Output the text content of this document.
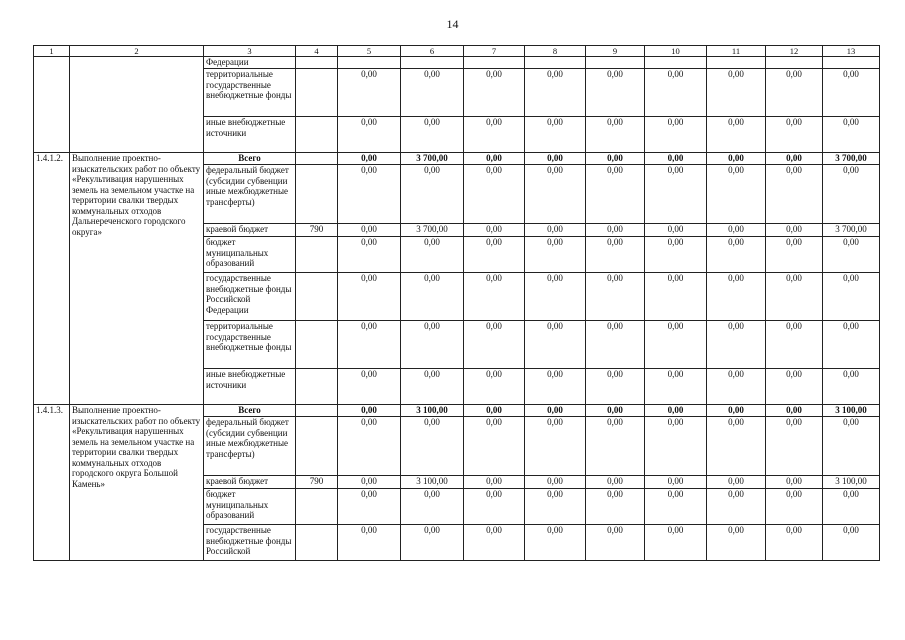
14
1	2	3	4	5	6	7	8	9	10	11	12	13
		Федерации										
		территориальные государственные внебюджетные фонды		0,00	0,00	0,00	0,00	0,00	0,00	0,00	0,00	0,00
		иные внебюджетные источники		0,00	0,00	0,00	0,00	0,00	0,00	0,00	0,00	0,00
1.4.1.2.	Выполнение проектно-изыскательских работ по объекту «Рекультивация нарушенных земель на земельном участке на территории свалки твердых коммунальных отходов Дальнереченского городского округа»	Всего		0,00	3 700,00	0,00	0,00	0,00	0,00	0,00	0,00	3 700,00
		федеральный бюджет (субсидии субвенции иные межбюджетные трансферты)		0,00	0,00	0,00	0,00	0,00	0,00	0,00	0,00	0,00
		краевой бюджет	790	0,00	3 700,00	0,00	0,00	0,00	0,00	0,00	0,00	3 700,00
		бюджет муниципальных образований		0,00	0,00	0,00	0,00	0,00	0,00	0,00	0,00	0,00
		государственные внебюджетные фонды Российской Федерации		0,00	0,00	0,00	0,00	0,00	0,00	0,00	0,00	0,00
		территориальные государственные внебюджетные фонды		0,00	0,00	0,00	0,00	0,00	0,00	0,00	0,00	0,00
		иные внебюджетные источники		0,00	0,00	0,00	0,00	0,00	0,00	0,00	0,00	0,00
1.4.1.3.	Выполнение проектно-изыскательских работ по объекту «Рекультивация нарушенных земель на земельном участке на территории свалки твердых коммунальных отходов городского округа Большой Камень»	Всего		0,00	3 100,00	0,00	0,00	0,00	0,00	0,00	0,00	3 100,00
		федеральный бюджет (субсидии субвенции иные межбюджетные трансферты)		0,00	0,00	0,00	0,00	0,00	0,00	0,00	0,00	0,00
		краевой бюджет	790	0,00	3 100,00	0,00	0,00	0,00	0,00	0,00	0,00	3 100,00
		бюджет муниципальных образований		0,00	0,00	0,00	0,00	0,00	0,00	0,00	0,00	0,00
		государственные внебюджетные фонды Российской		0,00	0,00	0,00	0,00	0,00	0,00	0,00	0,00	0,00
